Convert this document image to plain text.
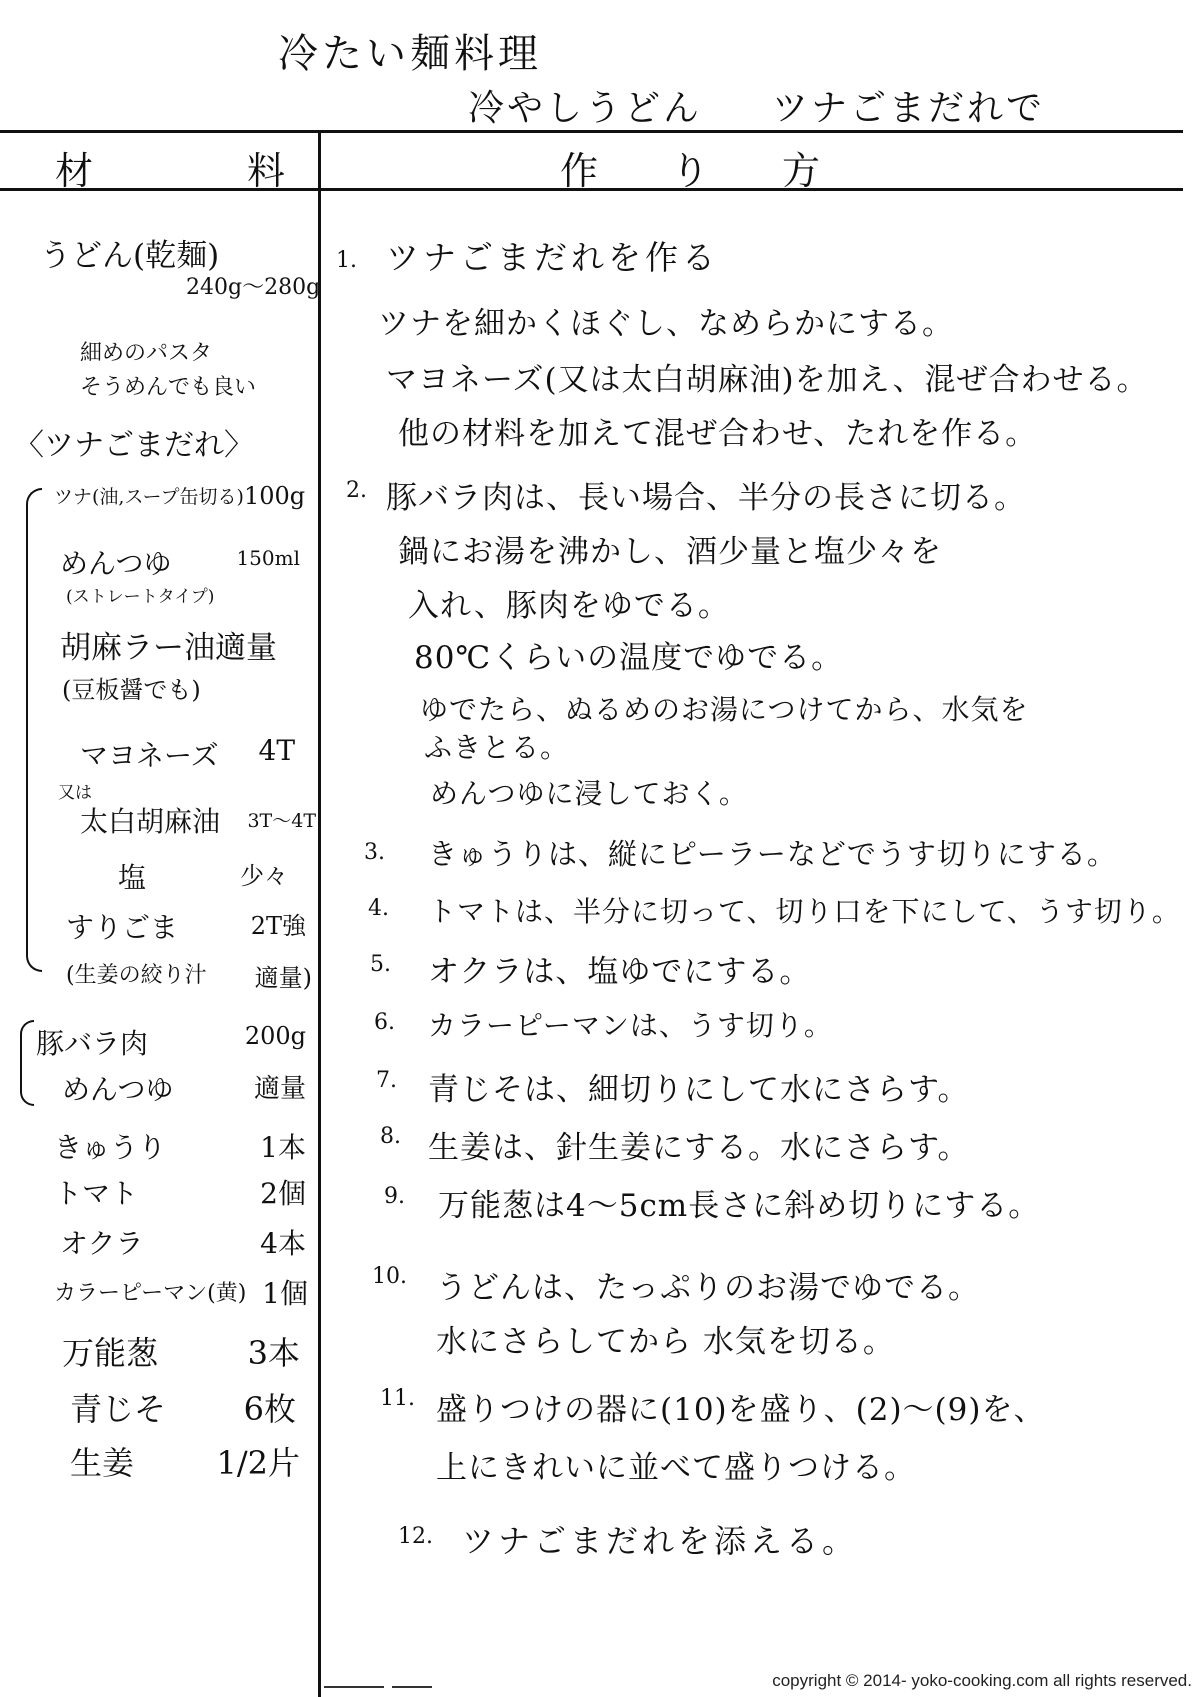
冷たい麺料理
冷やしうどん ツナごまだれで
材	料	作 り 方
うどん(乾麺)
240g〜280g
細めのパスタ
そうめんでも良い
〈ツナごまだれ〉
ツナ(油,スープ缶切る) 100g
めんつゆ	150ml
(ストレートタイプ)
胡麻ラー油適量
(豆板醤でも)
マヨネーズ 4T
又は
太白胡麻油 3T〜4T
塩	少々
すりごま	2T強
(生姜の絞り汁 適量)
豚バラ肉	200g
めんつゆ	適量
きゅうり	1本
トマト	2個
オクラ	4本
カラーピーマン(黄) 1個
万能葱	3本
青じそ 6枚
生姜	1/2片
1. ツナごまだれを作る
ツナを細かくほぐし、なめらかにする。
マヨネーズ(又は太白胡麻油)を加え、混ぜ合わせる。
他の材料を加えて混ぜ合わせ、たれを作る。
2. 豚バラ肉は、長い場合、半分の長さに切る。
鍋にお湯を沸かし、酒少量と塩少々を
入れ、豚肉をゆでる。
80℃くらいの温度でゆでる。
ゆでたら、ぬるめのお湯につけてから、水気を
ふきとる。
めんつゆに浸しておく。
3. きゅうりは、縦にピーラーなどでうす切りにする。
4. トマトは、半分に切って、切り口を下にして、うす切り。
5. オクラは、塩ゆでにする。
6. カラーピーマンは、うす切り。
7. 青じそは、細切りにして水にさらす。
8. 生姜は、針生姜にする。水にさらす。
9. 万能葱は4〜5cm長さに斜め切りにする。
10. うどんは、たっぷりのお湯でゆでる。
水にさらしてから 水気を切る。
11. 盛りつけの器に(10)を盛り、(2)〜(9)を、
上にきれいに並べて盛りつける。
12. ツナごまだれを添える。
copyright © 2014- yoko-cooking.com all rights reserved.
